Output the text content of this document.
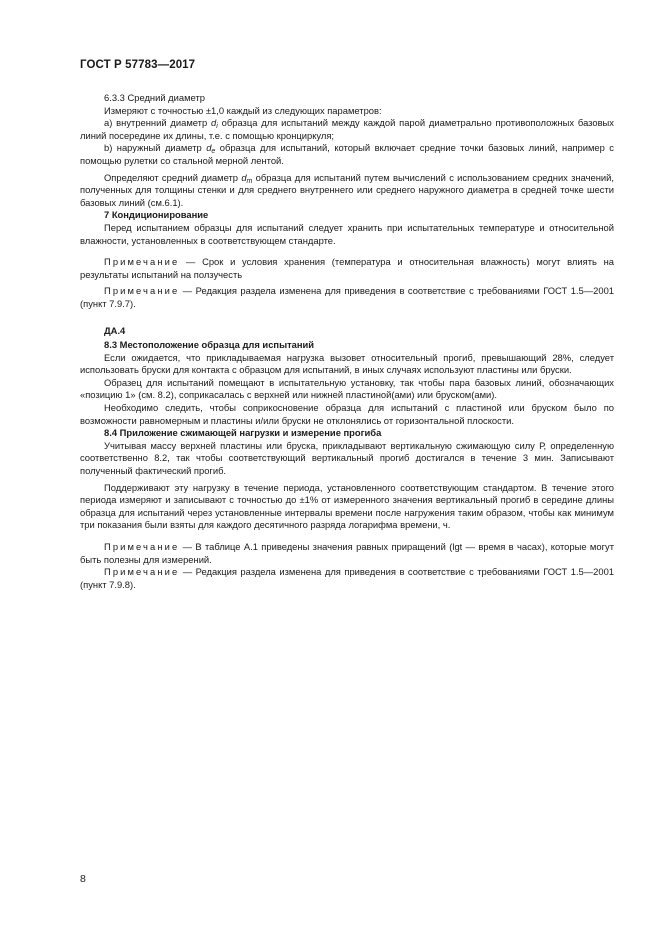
ГОСТ Р 57783—2017

6.3.3 Средний диаметр

Измеряют с точностью ±1,0 каждый из следующих параметров:

а) внутренний диаметр $d_i$ образца для испытаний между каждой парой диаметрально противоположных базовых линий посередине их длины, т.е. с помощью кронциркуля;

b) наружный диаметр $d_e$ образца для испытаний, который включает средние точки базовых линий, например с помощью рулетки со стальной мерной лентой.

Определяют средний диаметр $d_m$ образца для испытаний путем вычислений с использованием средних значений, полученных для толщины стенки и для среднего внутреннего или среднего наружного диаметра в средней точке шести базовых линий (см.6.1).

7 Кондиционирование

Перед испытанием образцы для испытаний следует хранить при испытательных температуре и относительной влажности, установленных в соответствующем стандарте.

Примечание — Срок и условия хранения (температура и относительная влажность) могут влиять на результаты испытаний на ползучесть

Примечание — Редакция раздела изменена для приведения в соответствие с требованиями ГОСТ 1.5—2001 (пункт 7.9.7).

ДА.4

8.3 Местоположение образца для испытаний

Если ожидается, что прикладываемая нагрузка вызовет относительный прогиб, превышающий 28%, следует использовать бруски для контакта с образцом для испытаний, в иных случаях используют пластины или бруски.

Образец для испытаний помещают в испытательную установку, так чтобы пара базовых линий, обозначающих «позицию 1» (см. 8.2), соприкасалась с верхней или нижней пластиной(ами) или бруском(ами).

Необходимо следить, чтобы соприкосновение образца для испытаний с пластиной или бруском было по возможности равномерным и пластины и/или бруски не отклонялись от горизонтальной плоскости.

8.4 Приложение сжимающей нагрузки и измерение прогиба

Учитывая массу верхней пластины или бруска, прикладывают вертикальную сжимающую силу Р, определенную соответственно 8.2, так чтобы соответствующий вертикальный прогиб достигался в течение 3 мин. Записывают полученный фактический прогиб.

Поддерживают эту нагрузку в течение периода, установленного соответствующим стандартом. В течение этого периода измеряют и записывают с точностью до ±1% от измеренного значения вертикальный прогиб в середине длины образца для испытаний через установленные интервалы времени после нагружения таким образом, чтобы как минимум три показания были взяты для каждого десятичного разряда логарифма времени, ч.

Примечание — В таблице А.1 приведены значения равных приращений (lgt — время в часах), которые могут быть полезны для измерений.

Примечание — Редакция раздела изменена для приведения в соответствие с требованиями ГОСТ 1.5—2001 (пункт 7.9.8).

8
